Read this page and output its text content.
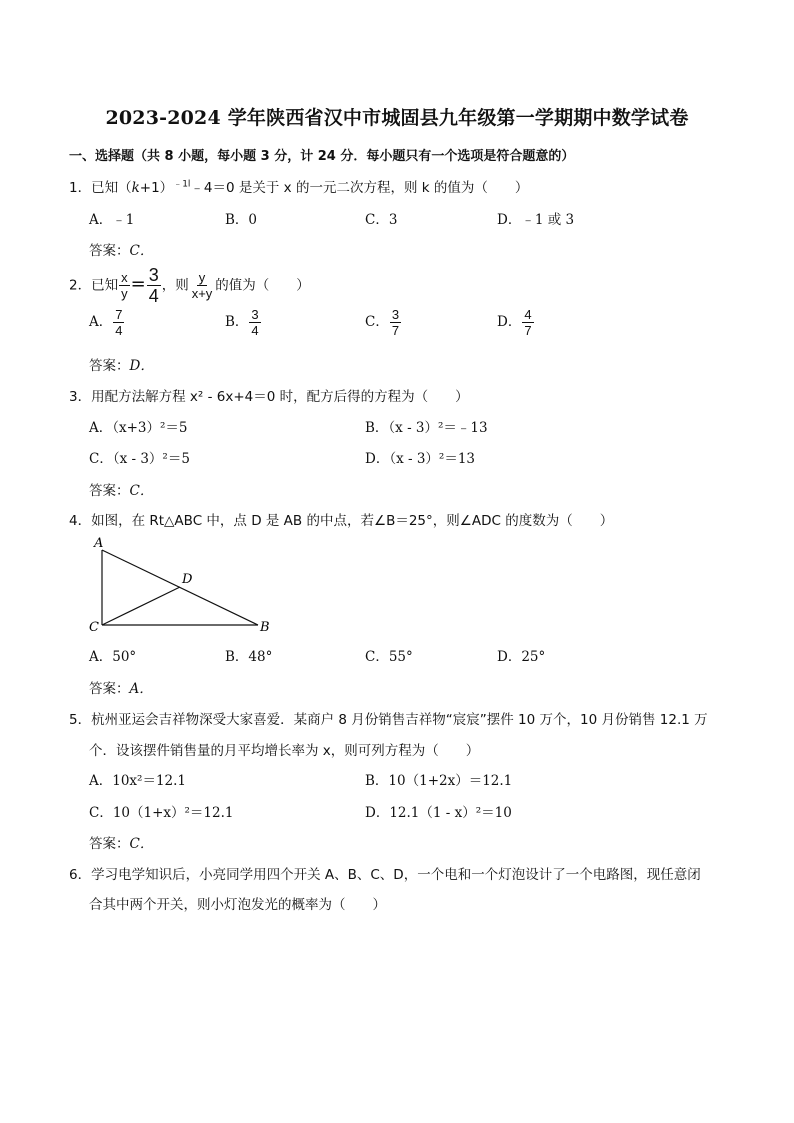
2023-2024 学年陕西省汉中市城固县九年级第一学期期中数学试卷
一、选择题（共 8 小题，每小题 3 分，计 24 分．每小题只有一个选项是符合题意的）
1．已知$(k+1)^{﹣1l}﹣4=0$ 是关于 x 的一元二次方程，则 k 的值为（　　）
A．﹣1	B．0	C．3	D．﹣1 或 3
答案：C．
2．已知 $\frac{x}{y} = \frac{3}{4}$ ，则 $\frac{y}{x+y}$ 的值为（　　）
A． $\frac{7}{4}$	B． $\frac{3}{4}$	C． $\frac{3}{7}$	D． $\frac{4}{7}$
答案：D．
3．用配方法解方程 x² - 6x+4＝0 时，配方后得的方程为（　　）
A．（x+3）²＝5	B．（x - 3）²＝﹣13
C．（x - 3）²＝5	D．（x - 3）²＝13
答案：C．
4．如图，在 Rt△ABC 中，点 D 是 AB 的中点，若∠B＝25°，则∠ADC 的度数为（　　）
A
D
C	B
A．50°	B．48°	C．55°	D．25°
答案：A．
5．杭州亚运会吉祥物深受大家喜爱．某商户 8 月份销售吉祥物“宸宸”摆件 10 万个，10 月份销售 12.1 万
个．设该摆件销售量的月平均增长率为 x，则可列方程为（　　）
A．10x²＝12.1	B．10（1+2x）＝12.1
C．10（1+x）²＝12.1	D．12.1（1 - x）²＝10
答案：C．
6．学习电学知识后，小亮同学用四个开关 A、B、C、D，一个电和一个灯泡设计了一个电路图，现任意闭
合其中两个开关，则小灯泡发光的概率为（　　）
